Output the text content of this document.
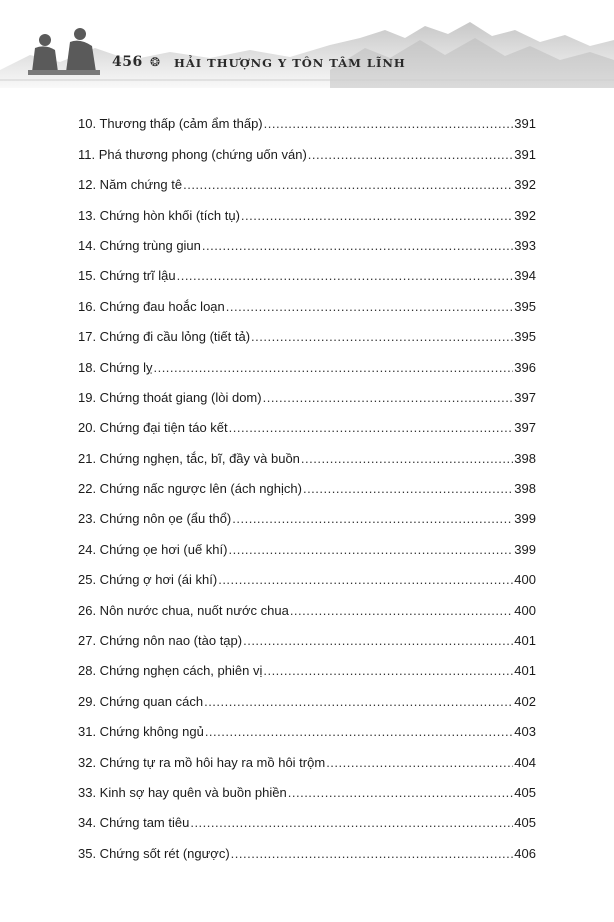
456 ❂ HẢI THƯỢNG Y TÔN TÂM LĨNH
10. Thương thấp (cảm ẩm thấp) .....	391
11. Phá thương phong (chứng uốn ván) .....	391
12. Năm chứng tê .....	392
13. Chứng hòn khối (tích tụ) .....	392
14. Chứng trùng giun .....	393
15. Chứng trĩ lậu .....	394
16. Chứng đau hoắc loạn .....	395
17. Chứng đi cầu lỏng (tiết tả) .....	395
18. Chứng lỵ .....	396
19. Chứng thoát giang (lòi dom) .....	397
20. Chứng đại tiện táo kết .....	397
21. Chứng nghẹn, tắc, bĩ, đầy và buồn .....	398
22. Chứng nấc ngược lên (ách nghịch) .....	398
23. Chứng nôn ọe (ẩu thổ) .....	399
24. Chứng ọe hơi (uế khí) .....	399
25. Chứng ợ hơi (ái khí) .....	400
26. Nôn nước chua, nuốt nước chua .....	400
27. Chứng nôn nao (tào tạp) .....	401
28. Chứng nghẹn cách, phiên vị .....	401
29. Chứng quan cách .....	402
31. Chứng không ngủ .....	403
32. Chứng tự ra mồ hôi hay ra mồ hôi trộm .....	404
33. Kinh sợ hay quên và buồn phiền .....	405
34. Chứng tam tiêu .....	405
35. Chứng sốt rét (ngược) .....	406
